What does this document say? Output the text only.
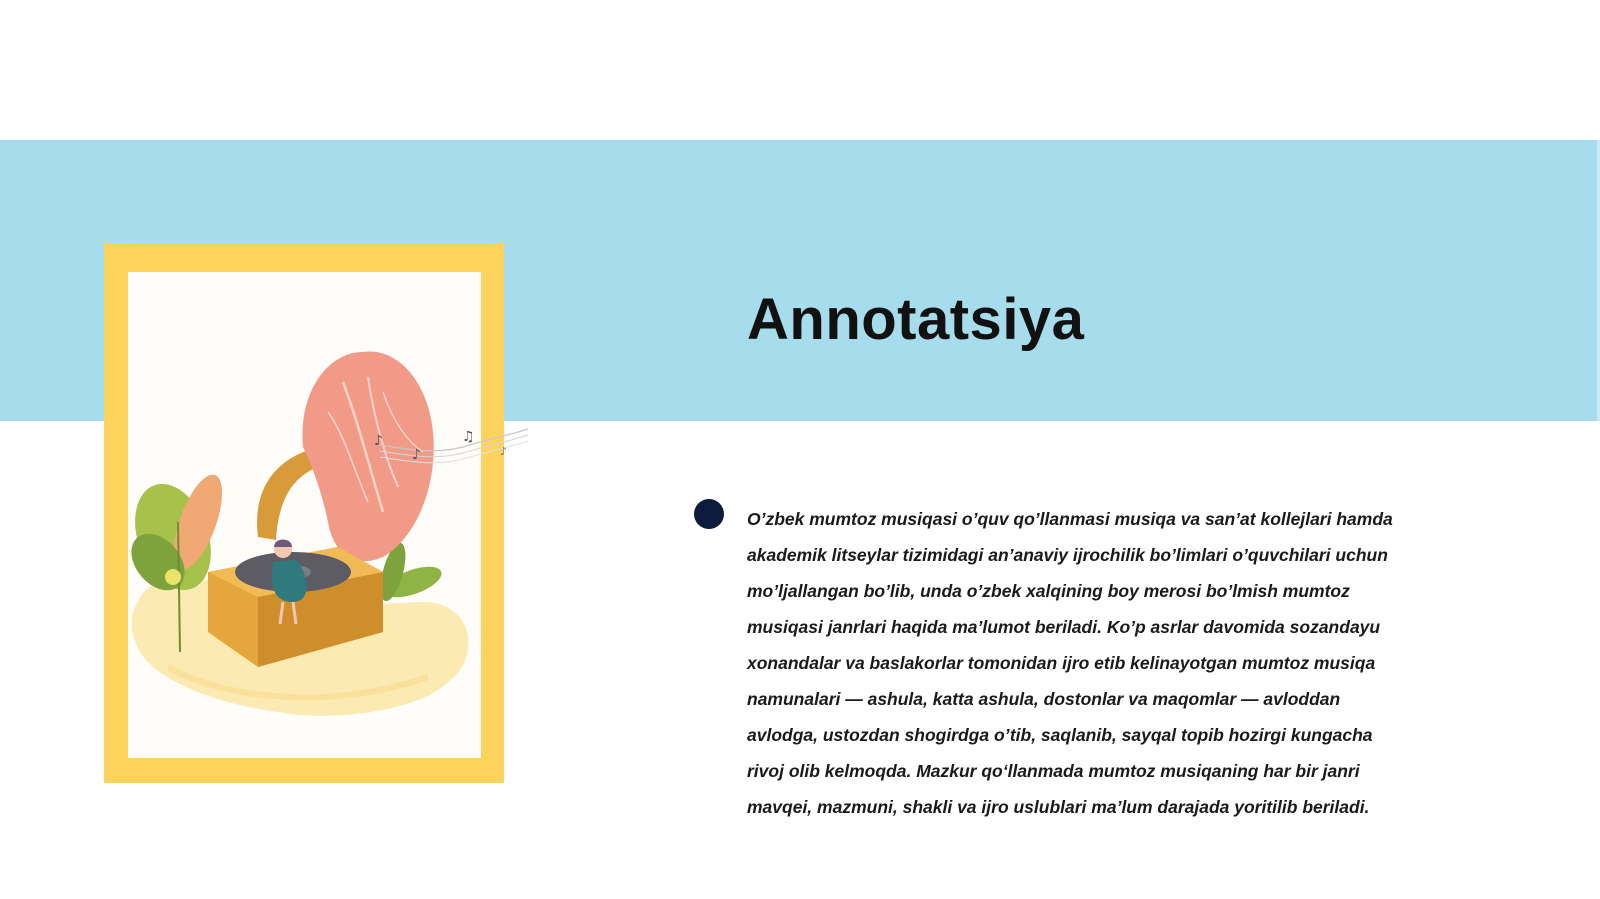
♪
♪
♫
♪
Annotatsiya

O’zbek mumtoz musiqasi o’quv qo’llanmasi musiqa va san’at kollejlari hamda akademik litseylar tizimidagi an’anaviy ijrochilik bo’limlari o’quvchilari uchun mo’ljallangan bo’lib, unda o’zbek xalqining boy merosi bo’lmish mumtoz musiqasi janrlari haqida ma’lumot beriladi. Ko’p asrlar davomida sozandayu xonandalar va baslakorlar tomonidan ijro etib kelinayotgan mumtoz musiqa namunalari — ashula, katta ashula, dostonlar va maqomlar — avloddan avlodga, ustozdan shogirdga o’tib, saqlanib, sayqal topib hozirgi kungacha rivoj olib kelmoqda. Mazkur qo‘llanmada mumtoz musiqaning har bir janri mavqei, mazmuni, shakli va ijro uslublari ma’lum darajada yoritilib beriladi.
